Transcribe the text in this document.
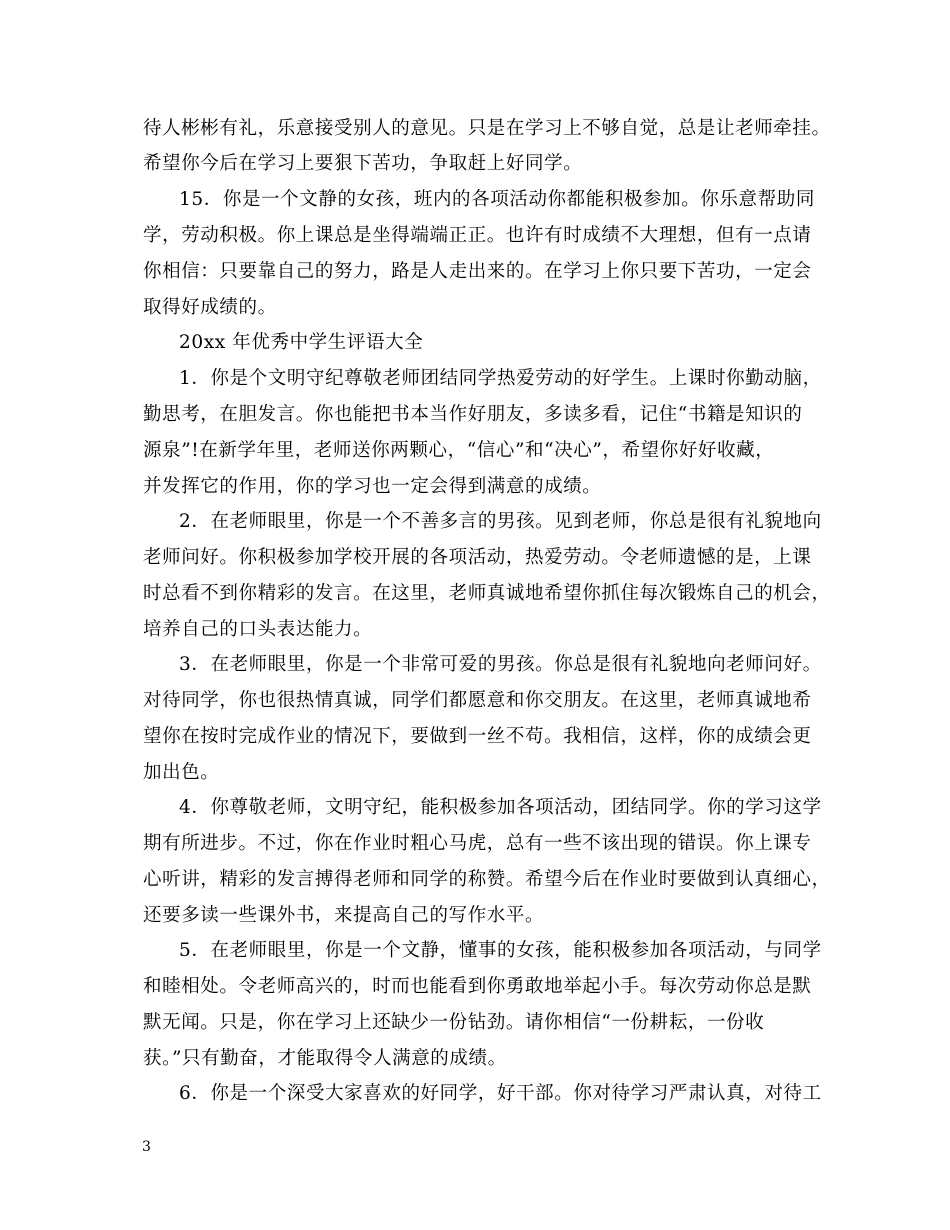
待人彬彬有礼，乐意接受别人的意见。只是在学习上不够自觉，总是让老师牵挂。
希望你今后在学习上要狠下苦功，争取赶上好同学。
15．你是一个文静的女孩，班内的各项活动你都能积极参加。你乐意帮助同
学，劳动积极。你上课总是坐得端端正正。也许有时成绩不大理想，但有一点请
你相信：只要靠自己的努力，路是人走出来的。在学习上你只要下苦功，一定会
取得好成绩的。
20xx 年优秀中学生评语大全
1．你是个文明守纪尊敬老师团结同学热爱劳动的好学生。上课时你勤动脑，
勤思考，在胆发言。你也能把书本当作好朋友，多读多看，记住“书籍是知识的
源泉”!在新学年里，老师送你两颗心，“信心”和“决心”，希望你好好收藏，
并发挥它的作用，你的学习也一定会得到满意的成绩。
2．在老师眼里，你是一个不善多言的男孩。见到老师，你总是很有礼貌地向
老师问好。你积极参加学校开展的各项活动，热爱劳动。令老师遗憾的是，上课
时总看不到你精彩的发言。在这里，老师真诚地希望你抓住每次锻炼自己的机会，
培养自己的口头表达能力。
3．在老师眼里，你是一个非常可爱的男孩。你总是很有礼貌地向老师问好。
对待同学，你也很热情真诚，同学们都愿意和你交朋友。在这里，老师真诚地希
望你在按时完成作业的情况下，要做到一丝不苟。我相信，这样，你的成绩会更
加出色。
4．你尊敬老师，文明守纪，能积极参加各项活动，团结同学。你的学习这学
期有所进步。不过，你在作业时粗心马虎，总有一些不该出现的错误。你上课专
心听讲，精彩的发言搏得老师和同学的称赞。希望今后在作业时要做到认真细心，
还要多读一些课外书，来提高自己的写作水平。
5．在老师眼里，你是一个文静，懂事的女孩，能积极参加各项活动，与同学
和睦相处。令老师高兴的，时而也能看到你勇敢地举起小手。每次劳动你总是默
默无闻。只是，你在学习上还缺少一份钻劲。请你相信“一份耕耘，一份收
获。”只有勤奋，才能取得令人满意的成绩。
6．你是一个深受大家喜欢的好同学，好干部。你对待学习严肃认真，对待工
3
